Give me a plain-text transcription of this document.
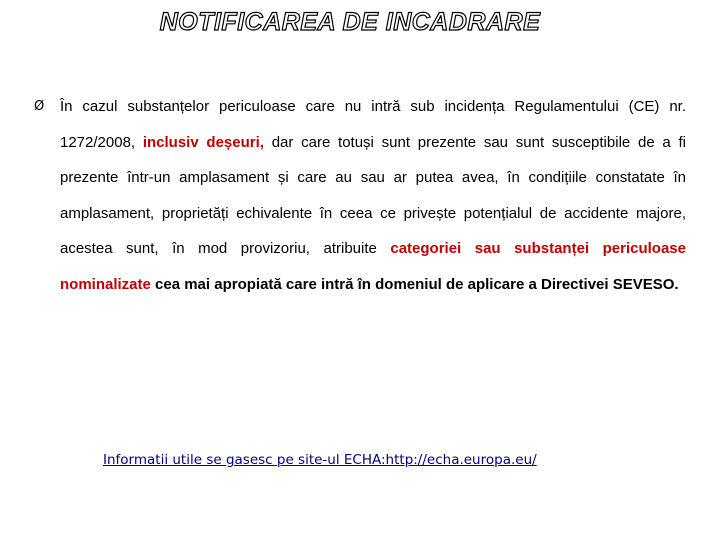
NOTIFICAREA DE INCADRARE
Ø	În cazul substanțelor periculoase care nu intră sub incidența Regulamentului (CE) nr. 1272/2008, inclusiv deșeuri, dar care totuși sunt prezente sau sunt susceptibile de a fi prezente într-un amplasament și care au sau ar putea avea, în condițiile constatate în amplasament, proprietăți echivalente în ceea ce privește potențialul de accidente majore, acestea sunt, în mod provizoriu, atribuite categoriei sau substanței periculoase nominalizate cea mai apropiată care intră în domeniul de aplicare a Directivei SEVESO.

Informatii utile se gasesc pe site-ul ECHA:http://echa.europa.eu/
